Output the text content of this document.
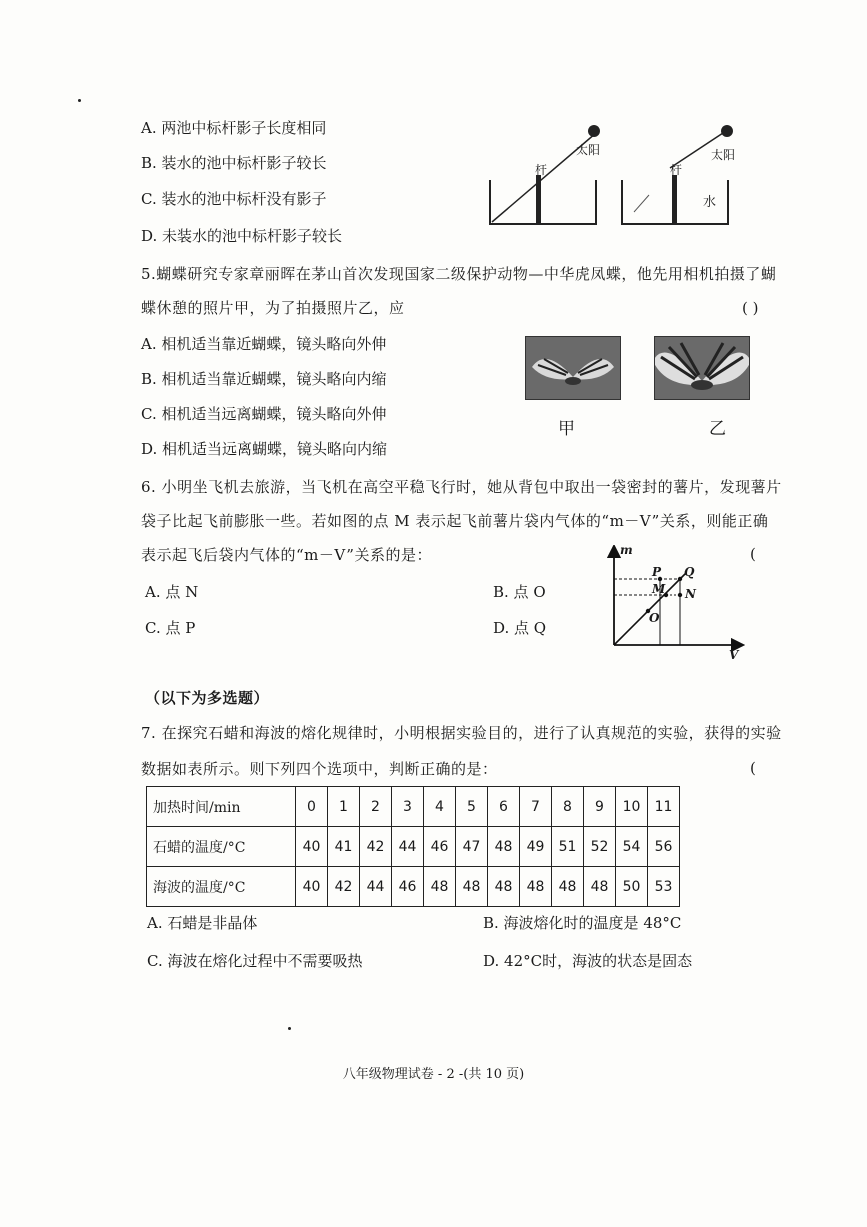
A. 两池中标杆影子长度相同
B. 装水的池中标杆影子较长
C. 装水的池中标杆没有影子
D. 未装水的池中标杆影子较长
杆
太阳
杆
太阳
水
5.蝴蝶研究专家章丽晖在茅山首次发现国家二级保护动物—中华虎凤蝶，他先用相机拍摄了蝴
蝶休憩的照片甲，为了拍摄照片乙，应	( )
A. 相机适当靠近蝴蝶，镜头略向外伸
B. 相机适当靠近蝴蝶，镜头略向内缩
C. 相机适当远离蝴蝶，镜头略向外伸
D. 相机适当远离蝴蝶，镜头略向内缩
甲	乙
6. 小明坐飞机去旅游，当飞机在高空平稳飞行时，她从背包中取出一袋密封的薯片，发现薯片
袋子比起飞前膨胀一些。若如图的点 M 表示起飞前薯片袋内气体的“m－V”关系，则能正确
表示起飞后袋内气体的“m－V”关系的是：	(
A. 点 N	B. 点 O
C. 点 P	D. 点 Q
m
V
P Q
M N
O
（以下为多选题）
7. 在探究石蜡和海波的熔化规律时，小明根据实验目的，进行了认真规范的实验，获得的实验
数据如表所示。则下列四个选项中，判断正确的是：	(
加热时间/min	0	1	2	3	4	5	6	7	8	9	10	11
石蜡的温度/°C	40	41	42	44	46	47	48	49	51	52	54	56
海波的温度/°C	40	42	44	46	48	48	48	48	48	48	50	53
A. 石蜡是非晶体	B. 海波熔化时的温度是 48°C
C. 海波在熔化过程中不需要吸热	D. 42°C时，海波的状态是固态
八年级物理试卷 - 2 -(共 10 页)
